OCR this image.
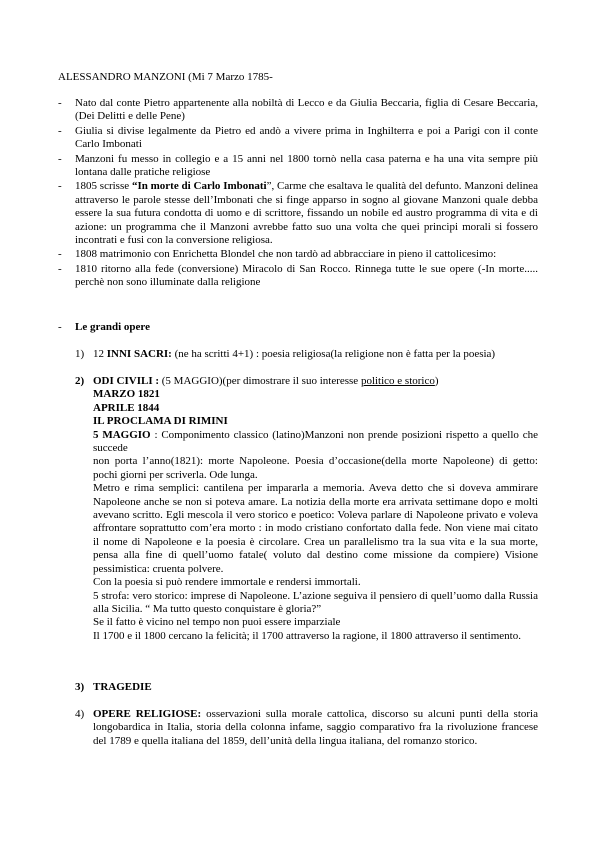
ALESSANDRO MANZONI (Mi 7 Marzo 1785-
- Nato dal conte Pietro appartenente alla nobiltà di Lecco e da Giulia Beccaria, figlia di Cesare Beccaria, (Dei Delitti e delle Pene)
- Giulia si divise legalmente da Pietro ed andò a vivere prima in Inghilterra e poi a Parigi con il conte Carlo Imbonati
- Manzoni fu messo in collegio e a 15 anni nel 1800 tornò nella casa paterna e ha una vita sempre più lontana dalle pratiche religiose
- 1805 scrisse “In morte di Carlo Imbonati”, Carme che esaltava le qualità del defunto. Manzoni delinea attraverso le parole stesse dell’Imbonati che si finge apparso in sogno al giovane Manzoni quale debba essere la sua futura condotta di uomo e di scrittore, fissando un nobile ed austro programma di vita e di azione: un programma che il Manzoni avrebbe fatto suo una volta che quei principi morali si fossero incontrati e fusi con la conversione religiosa.
- 1808 matrimonio con Enrichetta Blondel che non tardò ad abbracciare in pieno il cattolicesimo:
- 1810 ritorno alla fede (conversione) Miracolo di San Rocco. Rinnega tutte le sue opere (-In morte..... perchè non sono illuminate dalla religione

- Le grandi opere

1) 12 INNI SACRI: (ne ha scritti 4+1) : poesia religiosa(la religione non è fatta per la poesia)
2) ODI CIVILI : (5 MAGGIO)(per dimostrare il suo interesse politico e storico)
MARZO 1821
APRILE 1844
IL PROCLAMA DI RIMINI
5 MAGGIO : Componimento classico (latino)Manzoni non prende posizioni rispetto a quello che succede
non porta l’anno(1821): morte Napoleone. Poesia d’occasione(della morte Napoleone) di getto: pochi giorni per scriverla. Ode lunga.
Metro e rima semplici: cantilena per impararla a memoria. Aveva detto che si doveva ammirare Napoleone anche se non si poteva amare. La notizia della morte era arrivata settimane dopo e molti avevano scritto. Egli mescola il vero storico e poetico: Voleva parlare di Napoleone privato e voleva affrontare soprattutto com’era morto : in modo cristiano confortato dalla fede. Non viene mai citato il nome di Napoleone e la poesia è circolare. Crea un parallelismo tra la sua vita e la sua morte, pensa alla fine di quell’uomo fatale( voluto dal destino come missione da compiere) Visione pessimistica: cruenta polvere.
Con la poesia si può rendere immortale e rendersi immortali.
5 strofa: vero storico: imprese di Napoleone. L’azione seguiva il pensiero di quell’uomo dalla Russia alla Sicilia. “ Ma tutto questo conquistare è gloria?”
Se il fatto è vicino nel tempo non puoi essere imparziale
Il 1700 e il 1800 cercano la felicità; il 1700 attraverso la ragione, il 1800 attraverso il sentimento.
3) TRAGEDIE
4) OPERE RELIGIOSE: osservazioni sulla morale cattolica, discorso su alcuni punti della storia longobardica in Italia, storia della colonna infame, saggio comparativo fra la rivoluzione francese del 1789 e quella italiana del 1859, dell’unità della lingua italiana, del romanzo storico.
